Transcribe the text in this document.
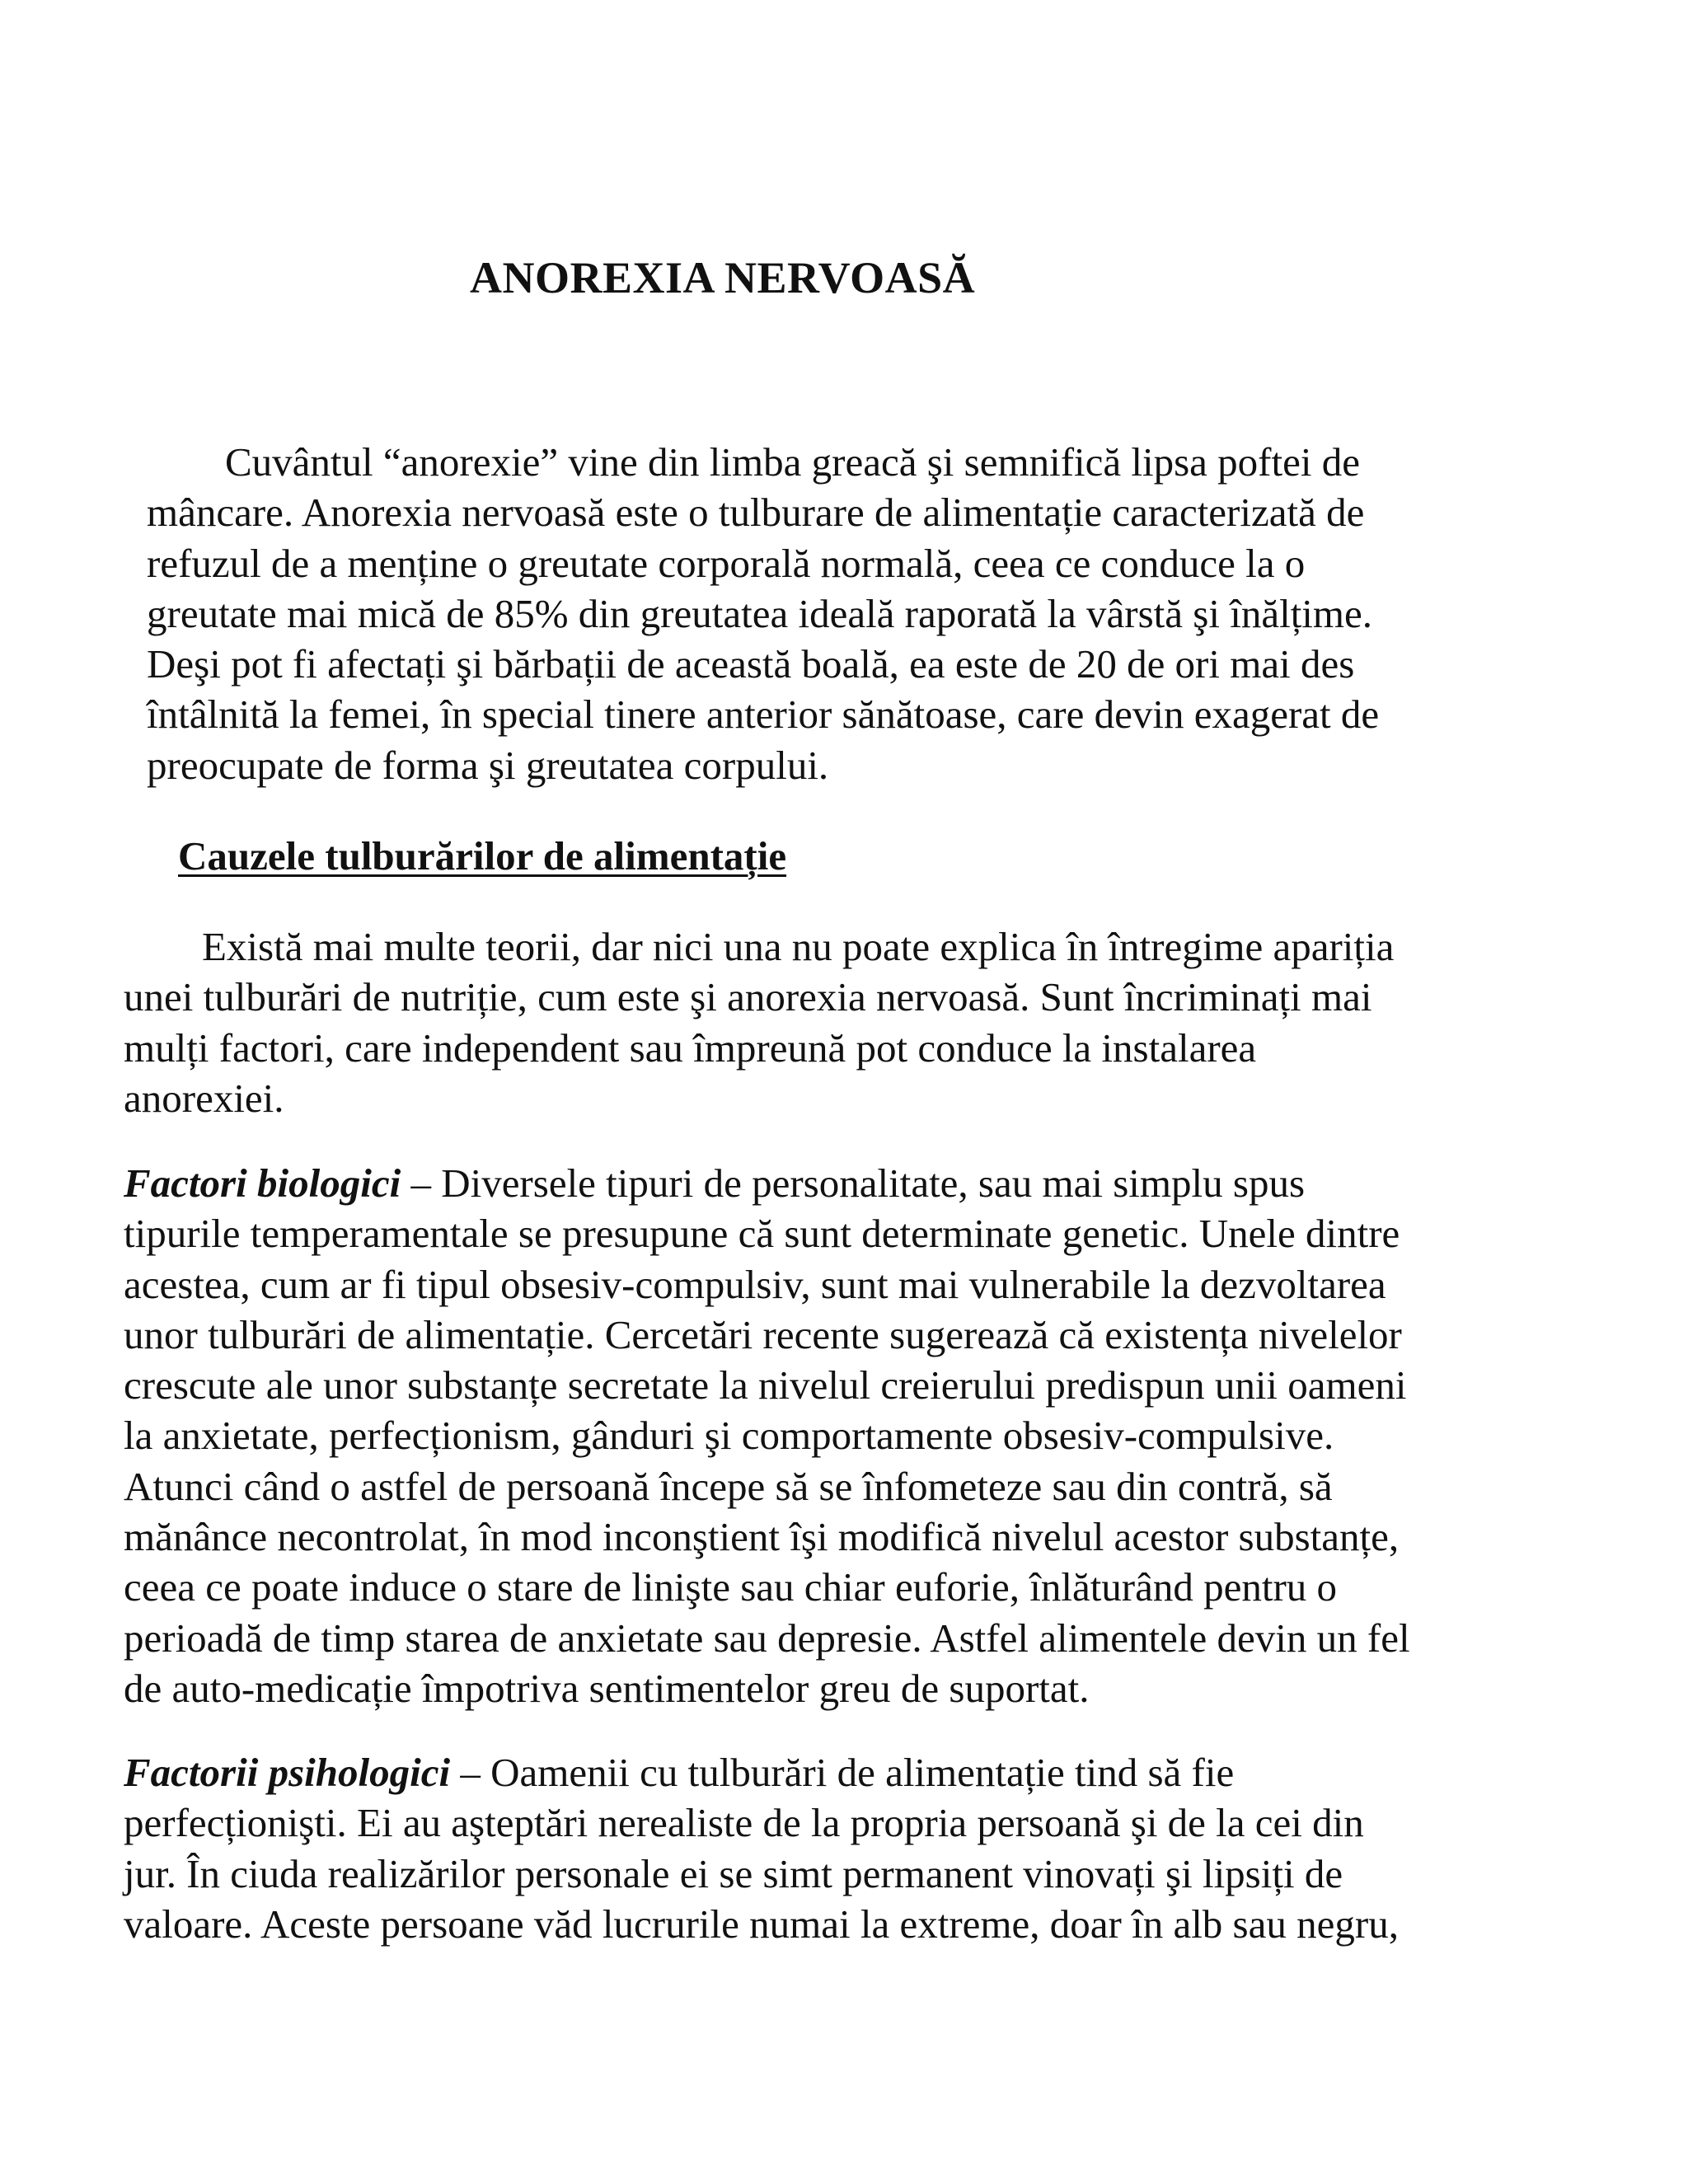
ANOREXIA NERVOASĂ
Cuvântul “anorexie” vine din limba greacă şi semnifică lipsa poftei de
mâncare. Anorexia nervoasă este o tulburare de alimentație caracterizată de
refuzul de a menține o greutate corporală normală, ceea ce conduce la o
greutate mai mică de 85% din greutatea ideală raporată la vârstă şi înălțime.
Deşi pot fi afectați şi bărbații de această boală, ea este de 20 de ori mai des
întâlnită la femei, în special tinere anterior sănătoase, care devin exagerat de
preocupate de forma şi greutatea corpului.
Cauzele tulburărilor de alimentație
Există mai multe teorii, dar nici una nu poate explica în întregime apariția
unei tulburări de nutriție, cum este şi anorexia nervoasă. Sunt încriminați mai
mulți factori, care independent sau împreună pot conduce la instalarea
anorexiei.
Factori biologici – Diversele tipuri de personalitate, sau mai simplu spus
tipurile temperamentale se presupune că sunt determinate genetic. Unele dintre
acestea, cum ar fi tipul obsesiv-compulsiv, sunt mai vulnerabile la dezvoltarea
unor tulburări de alimentație. Cercetări recente sugerează că existența nivelelor
crescute ale unor substanțe secretate la nivelul creierului predispun unii oameni
la anxietate, perfecționism, gânduri şi comportamente obsesiv-compulsive.
Atunci când o astfel de persoană începe să se înfometeze sau din contră, să
mănânce necontrolat, în mod inconştient îşi modifică nivelul acestor substanțe,
ceea ce poate induce o stare de linişte sau chiar euforie, înlăturând pentru o
perioadă de timp starea de anxietate sau depresie. Astfel alimentele devin un fel
de auto-medicație împotriva sentimentelor greu de suportat.
Factorii psihologici – Oamenii cu tulburări de alimentație tind să fie
perfecționişti. Ei au aşteptări nerealiste de la propria persoană şi de la cei din
jur. În ciuda realizărilor personale ei se simt permanent vinovați şi lipsiți de
valoare. Aceste persoane văd lucrurile numai la extreme, doar în alb sau negru,
